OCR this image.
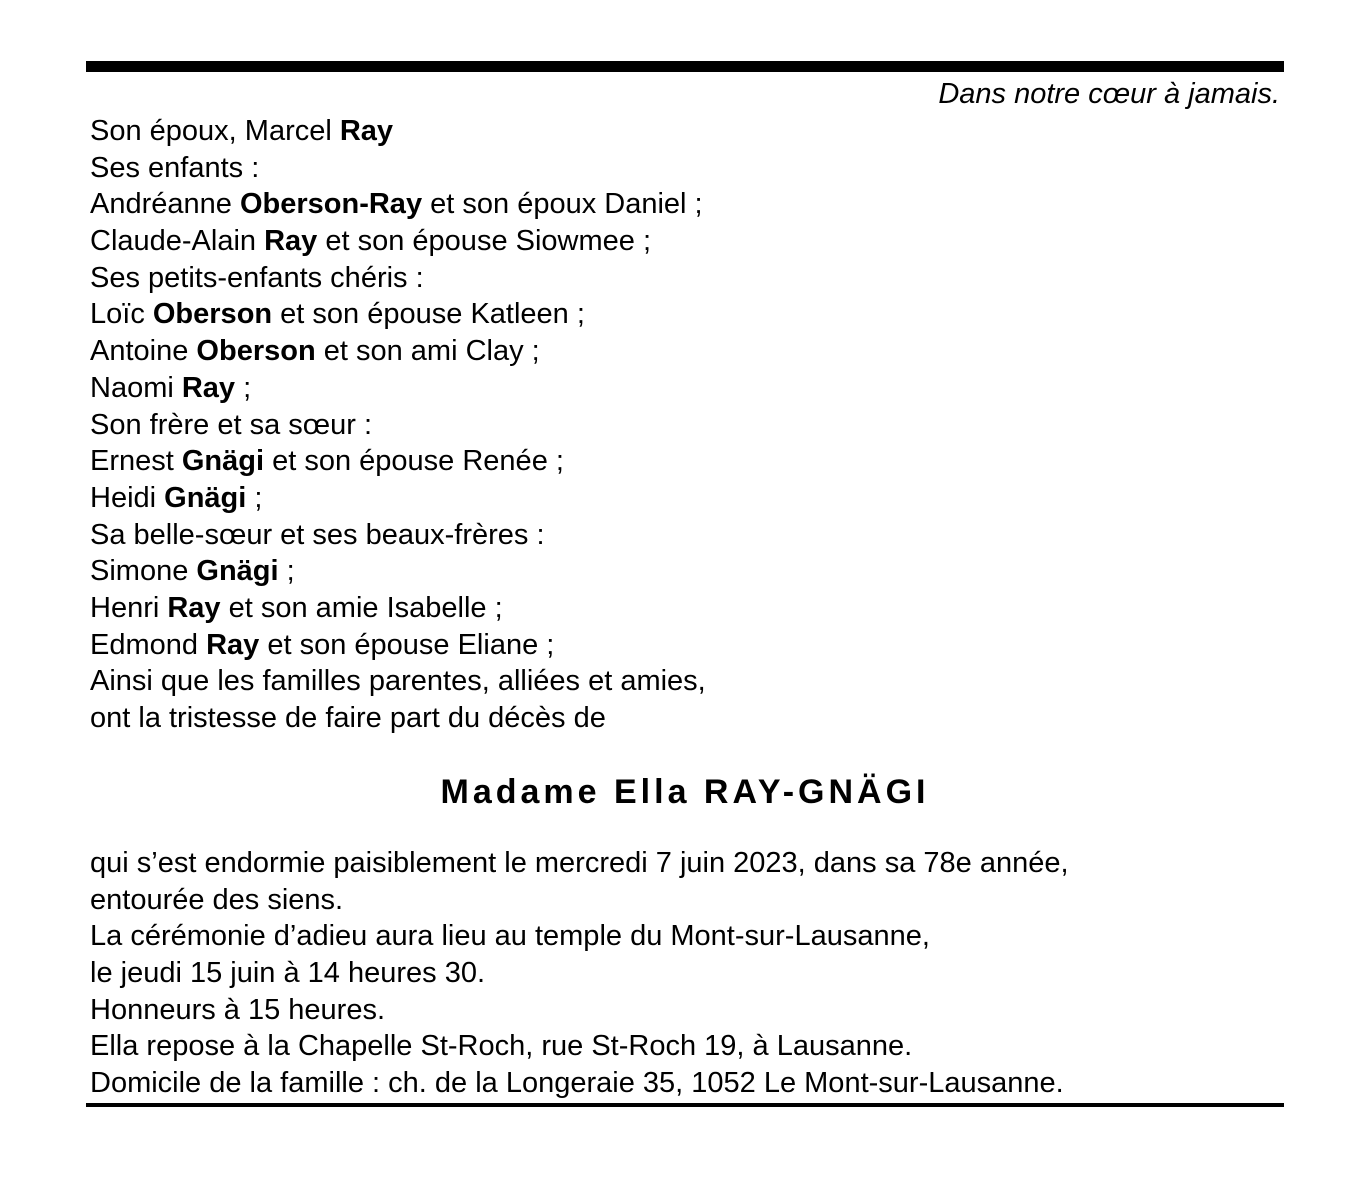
Dans notre cœur à jamais.
Son époux, Marcel Ray
Ses enfants :
Andréanne Oberson-Ray et son époux Daniel ;
Claude-Alain Ray et son épouse Siowmee ;
Ses petits-enfants chéris :
Loïc Oberson et son épouse Katleen ;
Antoine Oberson et son ami Clay ;
Naomi Ray ;
Son frère et sa sœur :
Ernest Gnägi et son épouse Renée ;
Heidi Gnägi ;
Sa belle-sœur et ses beaux-frères :
Simone Gnägi ;
Henri Ray et son amie Isabelle ;
Edmond Ray et son épouse Eliane ;
Ainsi que les familles parentes, alliées et amies,
ont la tristesse de faire part du décès de
Madame Ella RAY-GNÄGI
qui s’est endormie paisiblement le mercredi 7 juin 2023, dans sa 78e année,
entourée des siens.
La cérémonie d’adieu aura lieu au temple du Mont-sur-Lausanne,
le jeudi 15 juin à 14 heures 30.
Honneurs à 15 heures.
Ella repose à la Chapelle St-Roch, rue St-Roch 19, à Lausanne.
Domicile de la famille : ch. de la Longeraie 35, 1052 Le Mont-sur-Lausanne.
